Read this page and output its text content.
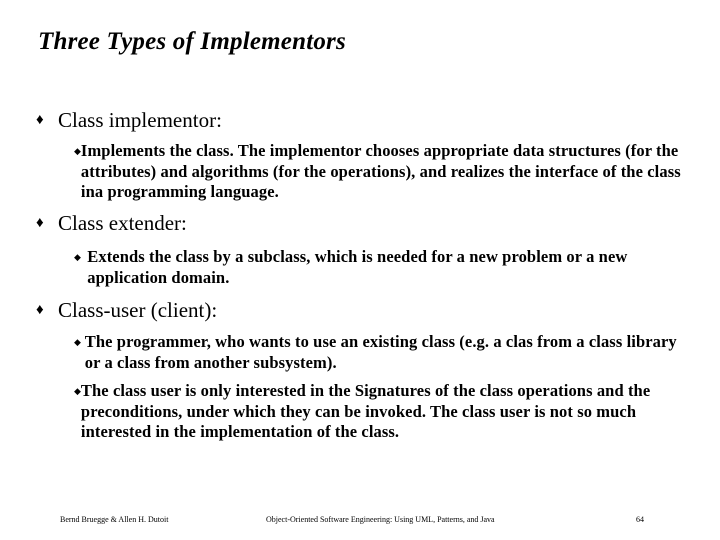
Three Types of Implementors
♦ Class implementor:
◆ Implements the class. The implementor chooses appropriate data structures (for the attributes) and algorithms (for the operations), and realizes the interface of the class ina programming language.
♦ Class extender:
◆ Extends the class by a subclass, which is needed for a new problem or a new application domain.
♦ Class-user (client):
◆ The programmer, who wants to use an existing class (e.g. a clas from a class library or a class from another subsystem).
◆ The class user is only interested in the Signatures of the class operations and the preconditions, under which they can be invoked. The class user is not so much interested in the implementation of the class.
Bernd Bruegge & Allen H. Dutoit	Object-Oriented Software Engineering: Using UML, Patterns, and Java	64
